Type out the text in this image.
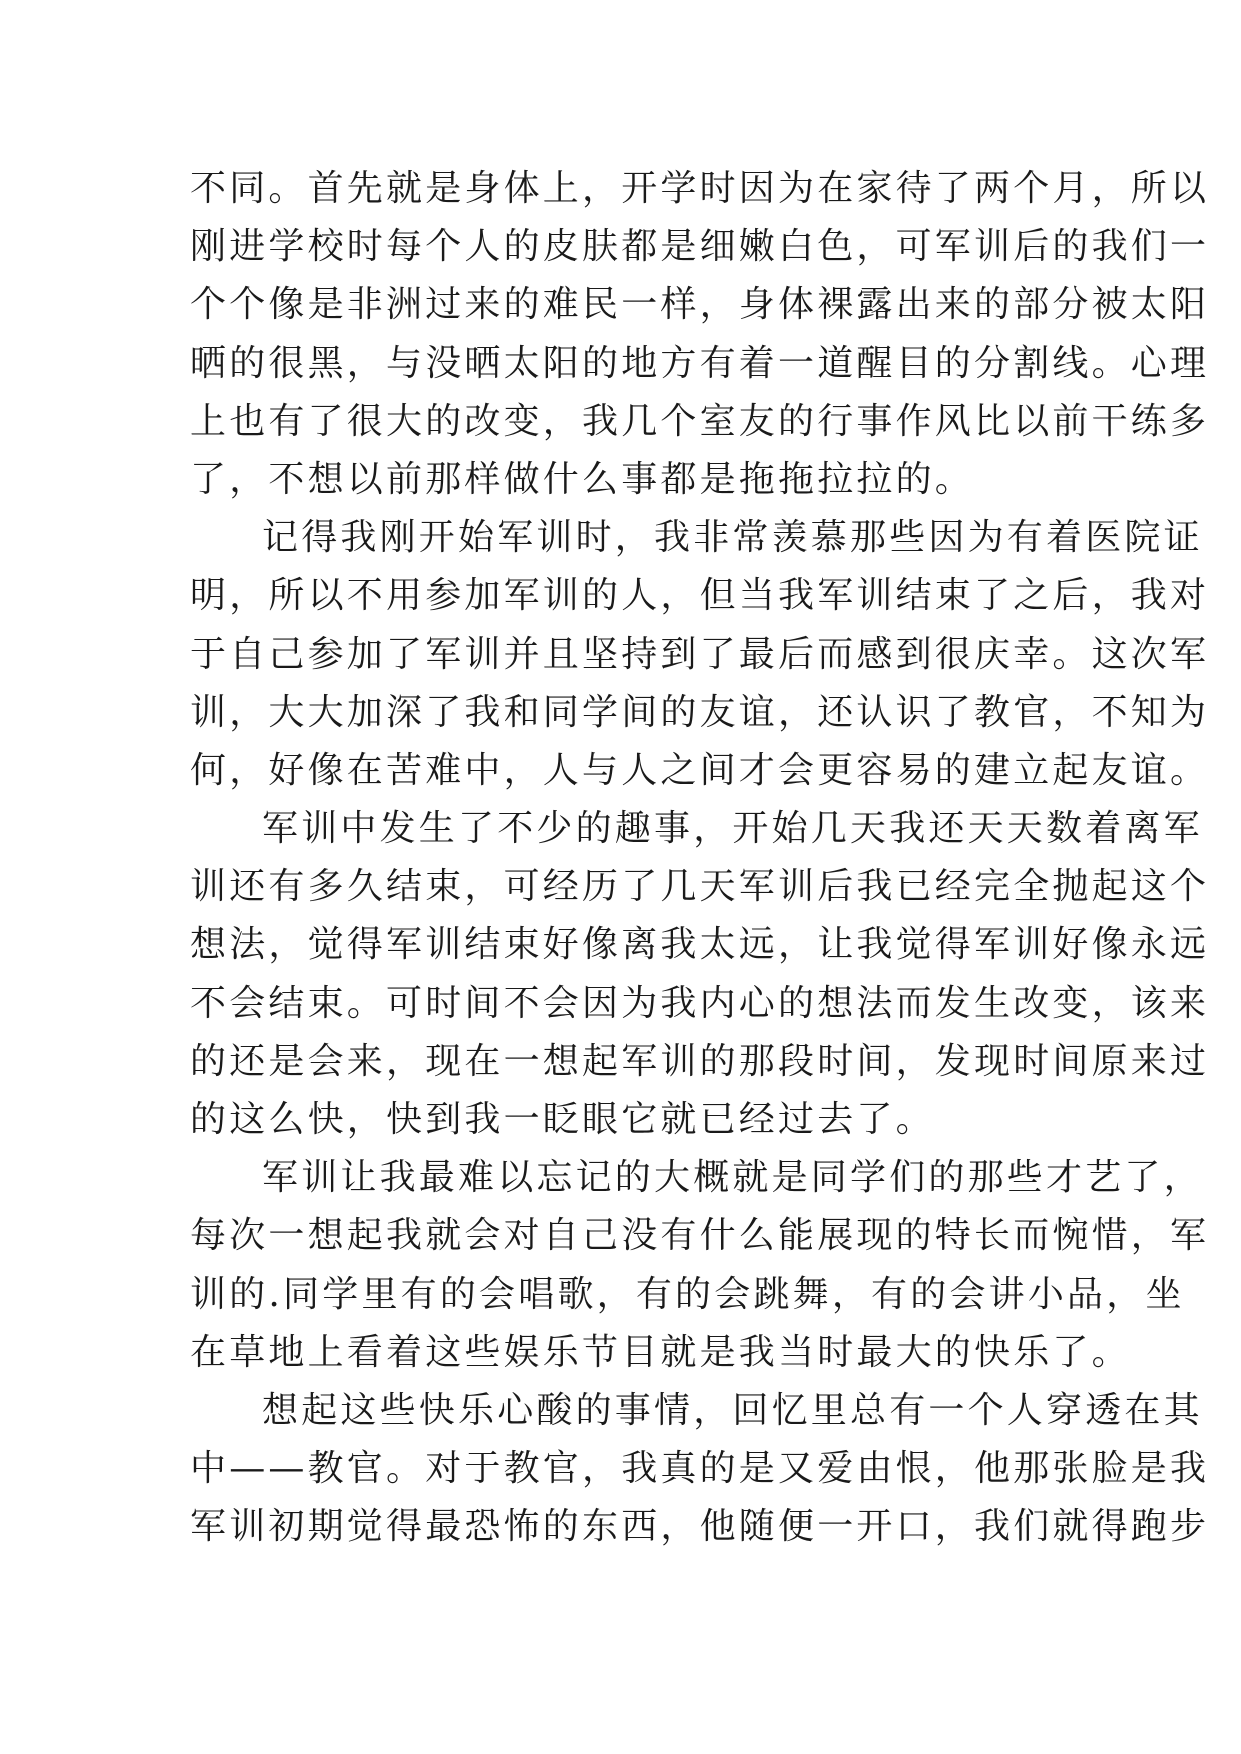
不同。首先就是身体上，开学时因为在家待了两个月，所以
刚进学校时每个人的皮肤都是细嫩白色，可军训后的我们一
个个像是非洲过来的难民一样，身体裸露出来的部分被太阳
晒的很黑，与没晒太阳的地方有着一道醒目的分割线。心理
上也有了很大的改变，我几个室友的行事作风比以前干练多
了，不想以前那样做什么事都是拖拖拉拉的。
记得我刚开始军训时，我非常羡慕那些因为有着医院证
明，所以不用参加军训的人，但当我军训结束了之后，我对
于自己参加了军训并且坚持到了最后而感到很庆幸。这次军
训，大大加深了我和同学间的友谊，还认识了教官，不知为
何，好像在苦难中，人与人之间才会更容易的建立起友谊。
军训中发生了不少的趣事，开始几天我还天天数着离军
训还有多久结束，可经历了几天军训后我已经完全抛起这个
想法，觉得军训结束好像离我太远，让我觉得军训好像永远
不会结束。可时间不会因为我内心的想法而发生改变，该来
的还是会来，现在一想起军训的那段时间，发现时间原来过
的这么快，快到我一眨眼它就已经过去了。
军训让我最难以忘记的大概就是同学们的那些才艺了，
每次一想起我就会对自己没有什么能展现的特长而惋惜，军
训的.同学里有的会唱歌，有的会跳舞，有的会讲小品，坐
在草地上看着这些娱乐节目就是我当时最大的快乐了。
想起这些快乐心酸的事情，回忆里总有一个人穿透在其
中——教官。对于教官，我真的是又爱由恨，他那张脸是我
军训初期觉得最恐怖的东西，他随便一开口，我们就得跑步
